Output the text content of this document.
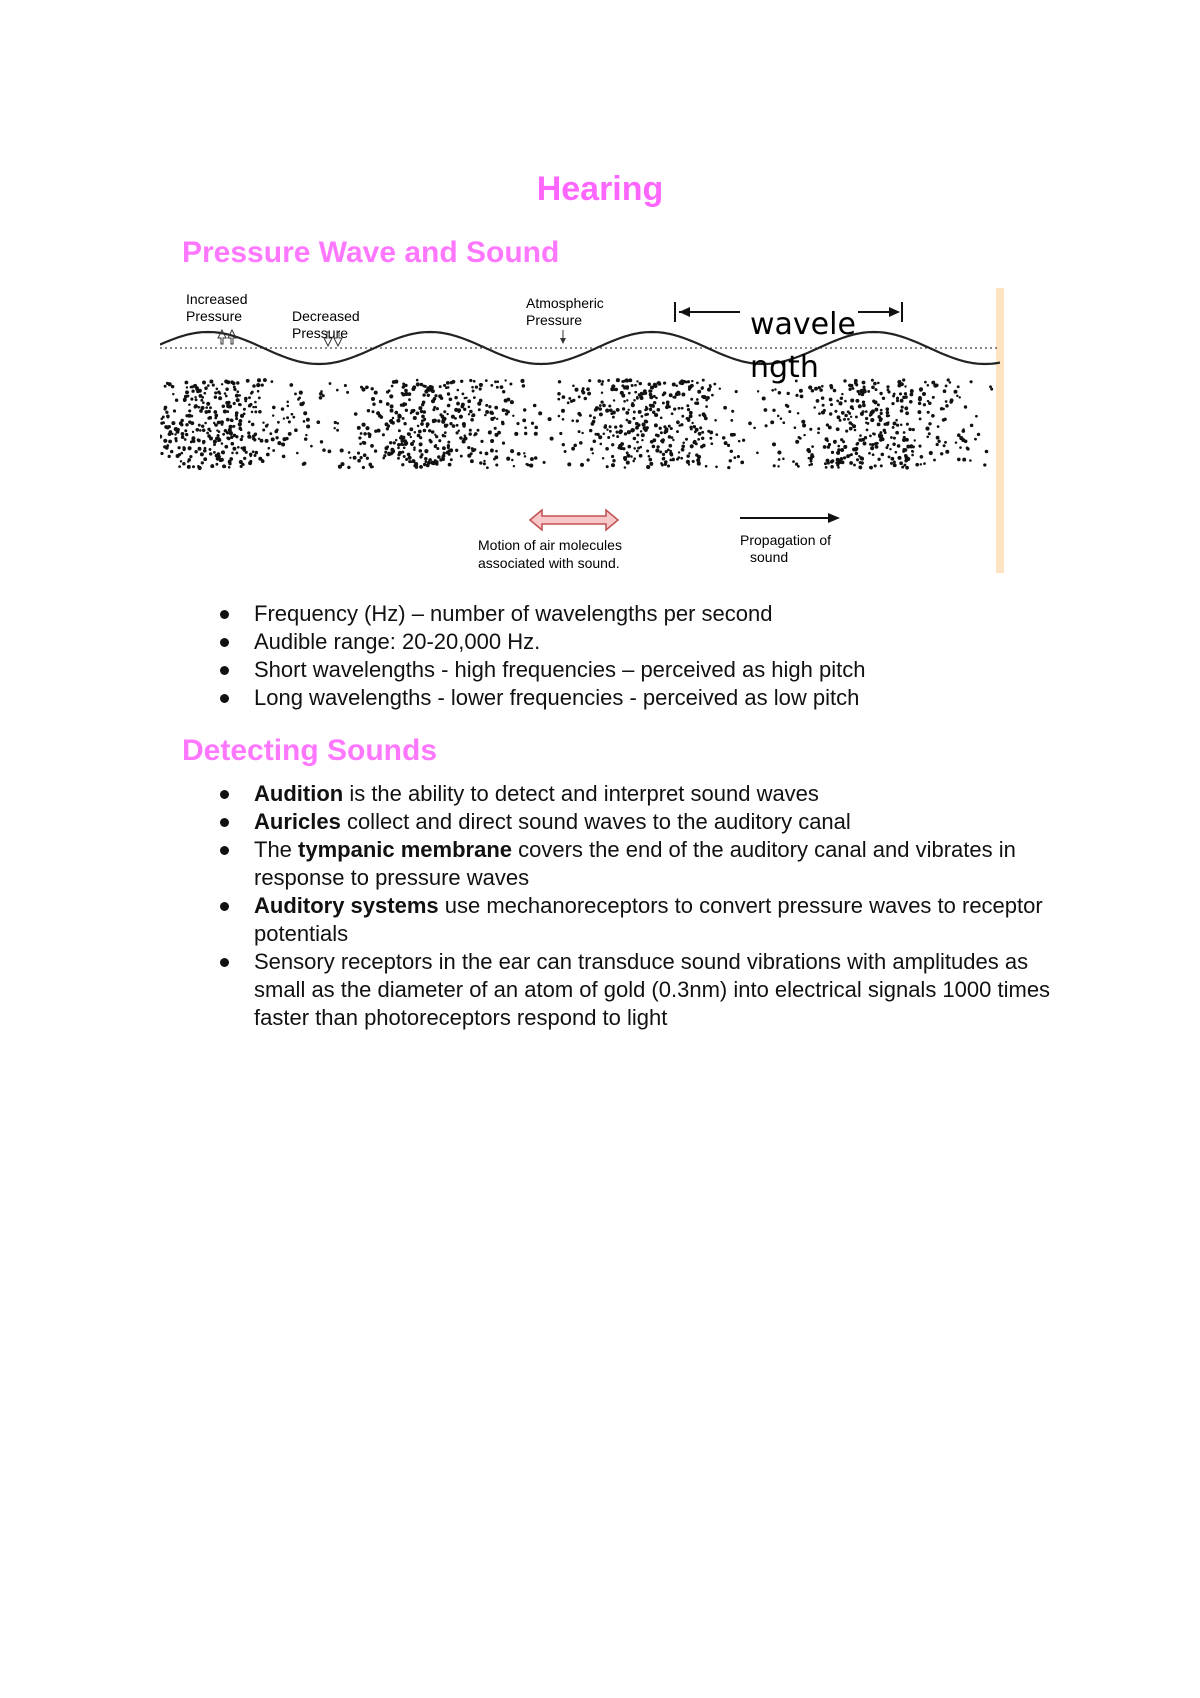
Hearing
Pressure Wave and Sound
Increased
Pressure	Decreased
Pressure
Atmospheric
Pressure	wavele
ngth
Motion of air molecules
associated with sound.
Propagation of
sound
Frequency (Hz) – number of wavelengths per second
Audible range: 20-20,000 Hz.
Short wavelengths - high frequencies – perceived as high pitch
Long wavelengths - lower frequencies - perceived as low pitch
Detecting Sounds
Audition is the ability to detect and interpret sound waves
Auricles collect and direct sound waves to the auditory canal
The tympanic membrane covers the end of the auditory canal and vibrates in response to pressure waves
Auditory systems use mechanoreceptors to convert pressure waves to receptor potentials
Sensory receptors in the ear can transduce sound vibrations with amplitudes as small as the diameter of an atom of gold (0.3nm) into electrical signals 1000 times faster than photoreceptors respond to light
